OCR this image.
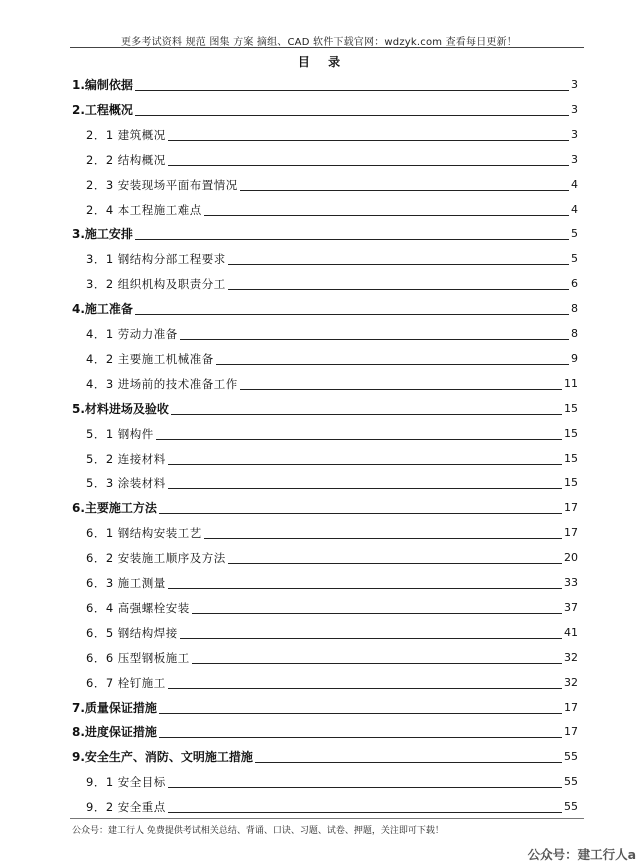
更多考试资料 规范 图集 方案 摘组、CAD 软件下载官网：wdzyk.com 查看每日更新！
目 录
1.编制依据	3
2.工程概况	3
2．1 建筑概况	3
2．2 结构概况	3
2．3 安装现场平面布置情况	4
2．4 本工程施工难点	4
3.施工安排	5
3．1 钢结构分部工程要求	5
3．2 组织机构及职责分工	6
4.施工准备	8
4．1 劳动力准备	8
4．2 主要施工机械准备	9
4．3 进场前的技术准备工作	11
5.材料进场及验收	15
5．1 钢构件	15
5．2 连接材料	15
5．3 涂装材料	15
6.主要施工方法	17
6．1 钢结构安装工艺	17
6．2 安装施工顺序及方法	20
6．3 施工测量	33
6．4 高强螺栓安装	37
6．5 钢结构焊接	41
6．6 压型钢板施工	32
6．7 栓钉施工	32
7.质量保证措施	17
8.进度保证措施	17
9.安全生产、消防、文明施工措施	55
9．1 安全目标	55
9．2 安全重点	55
公众号：建工行人 免费提供考试相关总结、背诵、口诀、习题、试卷、押题，关注即可下载！
公众号：建工行人a
